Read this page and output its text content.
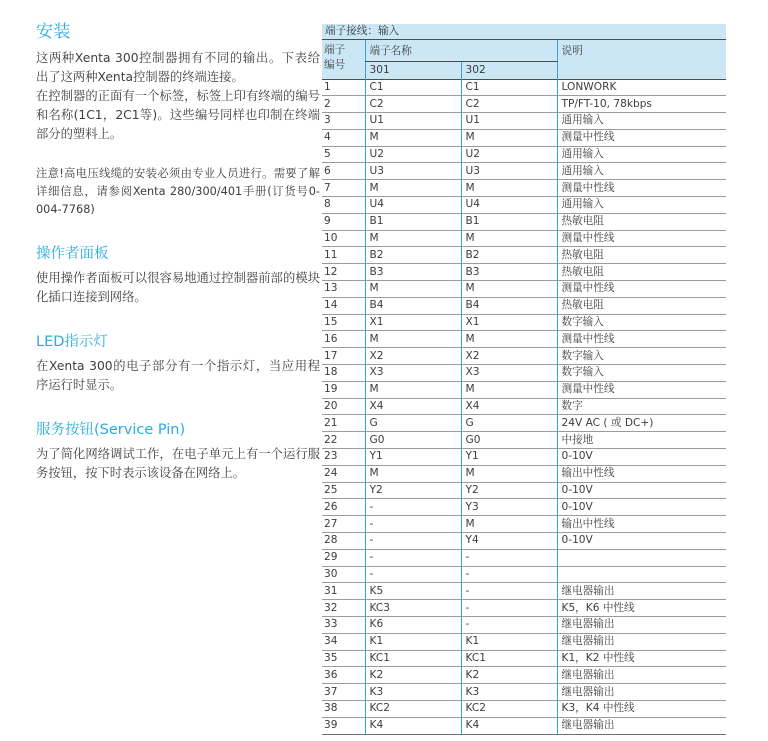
安装

这两种Xenta 300控制器拥有不同的输出。下表给出了这两种Xenta控制器的终端连接。

在控制器的正面有一个标签，标签上印有终端的编号和名称(1C1，2C1等)。这些编号同样也印制在终端部分的塑料上。

注意!高电压线缆的安装必须由专业人员进行。需要了解详细信息，请参阅Xenta 280/300/401手册(订货号0-004-7768)

操作者面板

使用操作者面板可以很容易地通过控制器前部的模块化插口连接到网络。

LED指示灯

在Xenta 300的电子部分有一个指示灯，当应用程序运行时显示。

服务按钮(Service Pin)

为了简化网络调试工作，在电子单元上有一个运行服务按钮，按下时表示该设备在网络上。

端子接线：输入
端子
编号	端子名称		说明
	301	302	
1	C1	C1	LONWORK
2	C2	C2	TP/FT-10, 78kbps
3	U1	U1	通用输入
4	M	M	测量中性线
5	U2	U2	通用输入
6	U3	U3	通用输入
7	M	M	测量中性线
8	U4	U4	通用输入
9	B1	B1	热敏电阻
10	M	M	测量中性线
11	B2	B2	热敏电阻
12	B3	B3	热敏电阻
13	M	M	测量中性线
14	B4	B4	热敏电阻
15	X1	X1	数字输入
16	M	M	测量中性线
17	X2	X2	数字输入
18	X3	X3	数字输入
19	M	M	测量中性线
20	X4	X4	数字
21	G	G	24V AC ( 或 DC+)
22	G0	G0	中接地
23	Y1	Y1	0-10V
24	M	M	输出中性线
25	Y2	Y2	0-10V
26	-	Y3	0-10V
27	-	M	输出中性线
28	-	Y4	0-10V
29	-	-	
30	-	-	
31	K5	-	继电器输出
32	KC3	-	K5，K6 中性线
33	K6	-	继电器输出
34	K1	K1	继电器输出
35	KC1	KC1	K1，K2 中性线
36	K2	K2	继电器输出
37	K3	K3	继电器输出
38	KC2	KC2	K3，K4 中性线
39	K4	K4	继电器输出
